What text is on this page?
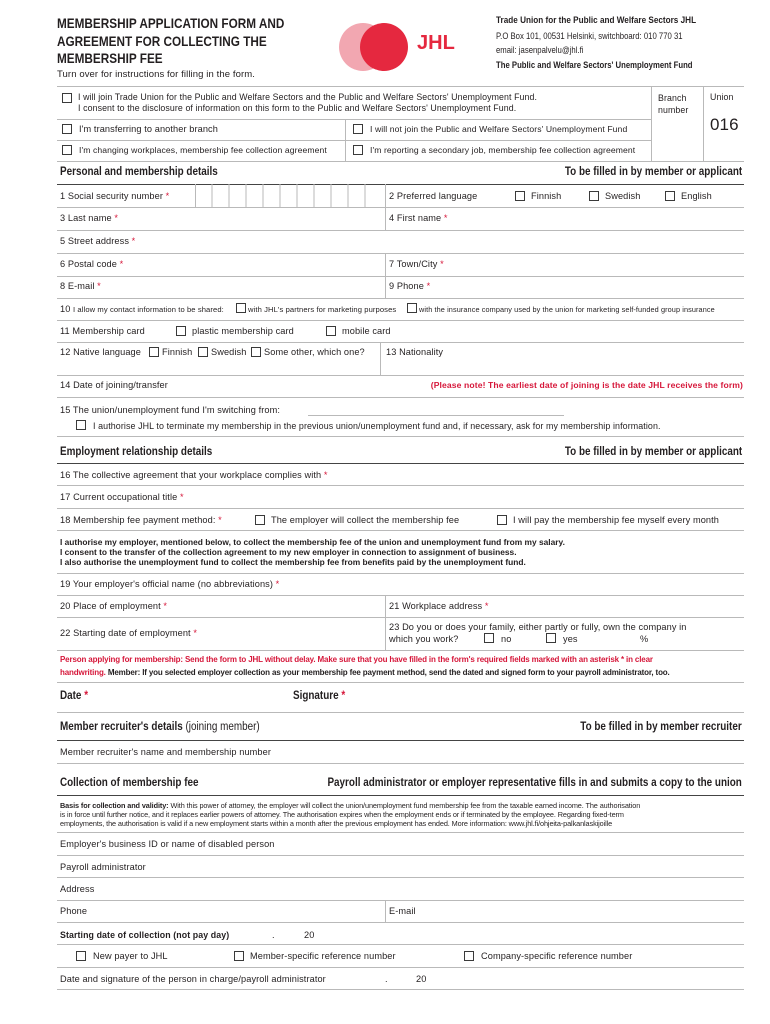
MEMBERSHIP APPLICATION FORM AND
AGREEMENT FOR COLLECTING THE
MEMBERSHIP FEE
Turn over for instructions for filling in the form.
JHL
Trade Union for the Public and Welfare Sectors JHL
P.O Box 101, 00531 Helsinki, switchboard: 010 770 31
email: jasenpalvelu@jhl.fi
The Public and Welfare Sectors' Unemployment Fund
I will join Trade Union for the Public and Welfare Sectors and the Public and Welfare Sectors' Unemployment Fund.
I consent to the disclosure of information on this form to the Public and Welfare Sectors' Unemployment Fund.
Branch
number
Union
016
I'm transferring to another branch	I will not join the Public and Welfare Sectors' Unemployment Fund
I'm changing workplaces, membership fee collection agreement	I'm reporting a secondary job, membership fee collection agreement
Personal and membership details	To be filled in by member or applicant
1 Social security number *	2 Preferred language	Finnish	Swedish	English
3 Last name *	4 First name *
5 Street address *
6 Postal code *	7 Town/City *
8 E-mail *	9 Phone *
10 I allow my contact information to be shared:	with JHL's partners for marketing purposes	with the insurance company used by the union for marketing self-funded group insurance
11 Membership card	plastic membership card	mobile card
12 Native language Finnish Swedish Some other, which one? 13 Nationality
14 Date of joining/transfer	(Please note! The earliest date of joining is the date JHL receives the form)
15 The union/unemployment fund I'm switching from:
I authorise JHL to terminate my membership in the previous union/unemployment fund and, if necessary, ask for my membership information.
Employment relationship details	To be filled in by member or applicant
16 The collective agreement that your workplace complies with *
17 Current occupational title *
18 Membership fee payment method: *	The employer will collect the membership fee	I will pay the membership fee myself every month
I authorise my employer, mentioned below, to collect the membership fee of the union and unemployment fund from my salary.
I consent to the transfer of the collection agreement to my new employer in connection to assignment of business.
I also authorise the unemployment fund to collect the membership fee from benefits paid by the unemployment fund.
19 Your employer's official name (no abbreviations) *
20 Place of employment *	21 Workplace address *
22 Starting date of employment *
23 Do you or does your family, either partly or fully, own the company in
which you work?	no	yes	%
Person applying for membership: Send the form to JHL without delay. Make sure that you have filled in the form's required fields marked with an asterisk * in clear
handwriting. Member: If you selected employer collection as your membership fee payment method, send the dated and signed form to your payroll administrator, too.
Date *	Signature *
Member recruiter's details (joining member)	To be filled in by member recruiter
Member recruiter's name and membership number
Collection of membership fee	Payroll administrator or employer representative fills in and submits a copy to the union
Basis for collection and validity: With this power of attorney, the employer will collect the union/unemployment fund membership fee from the taxable earned income. The authorisation
is in force until further notice, and it replaces earlier powers of attorney. The authorisation expires when the employment ends or if terminated by the employee. Regarding fixed-term
employments, the authorisation is valid if a new employment starts within a month after the previous employment has ended. More information: www.jhl.fi/ohjeita-palkanlaskijoille
Employer's business ID or name of disabled person
Payroll administrator
Address
Phone	E-mail
Starting date of collection (not pay day)	.	20
New payer to JHL	Member-specific reference number	Company-specific reference number
Date and signature of the person in charge/payroll administrator	.	20
